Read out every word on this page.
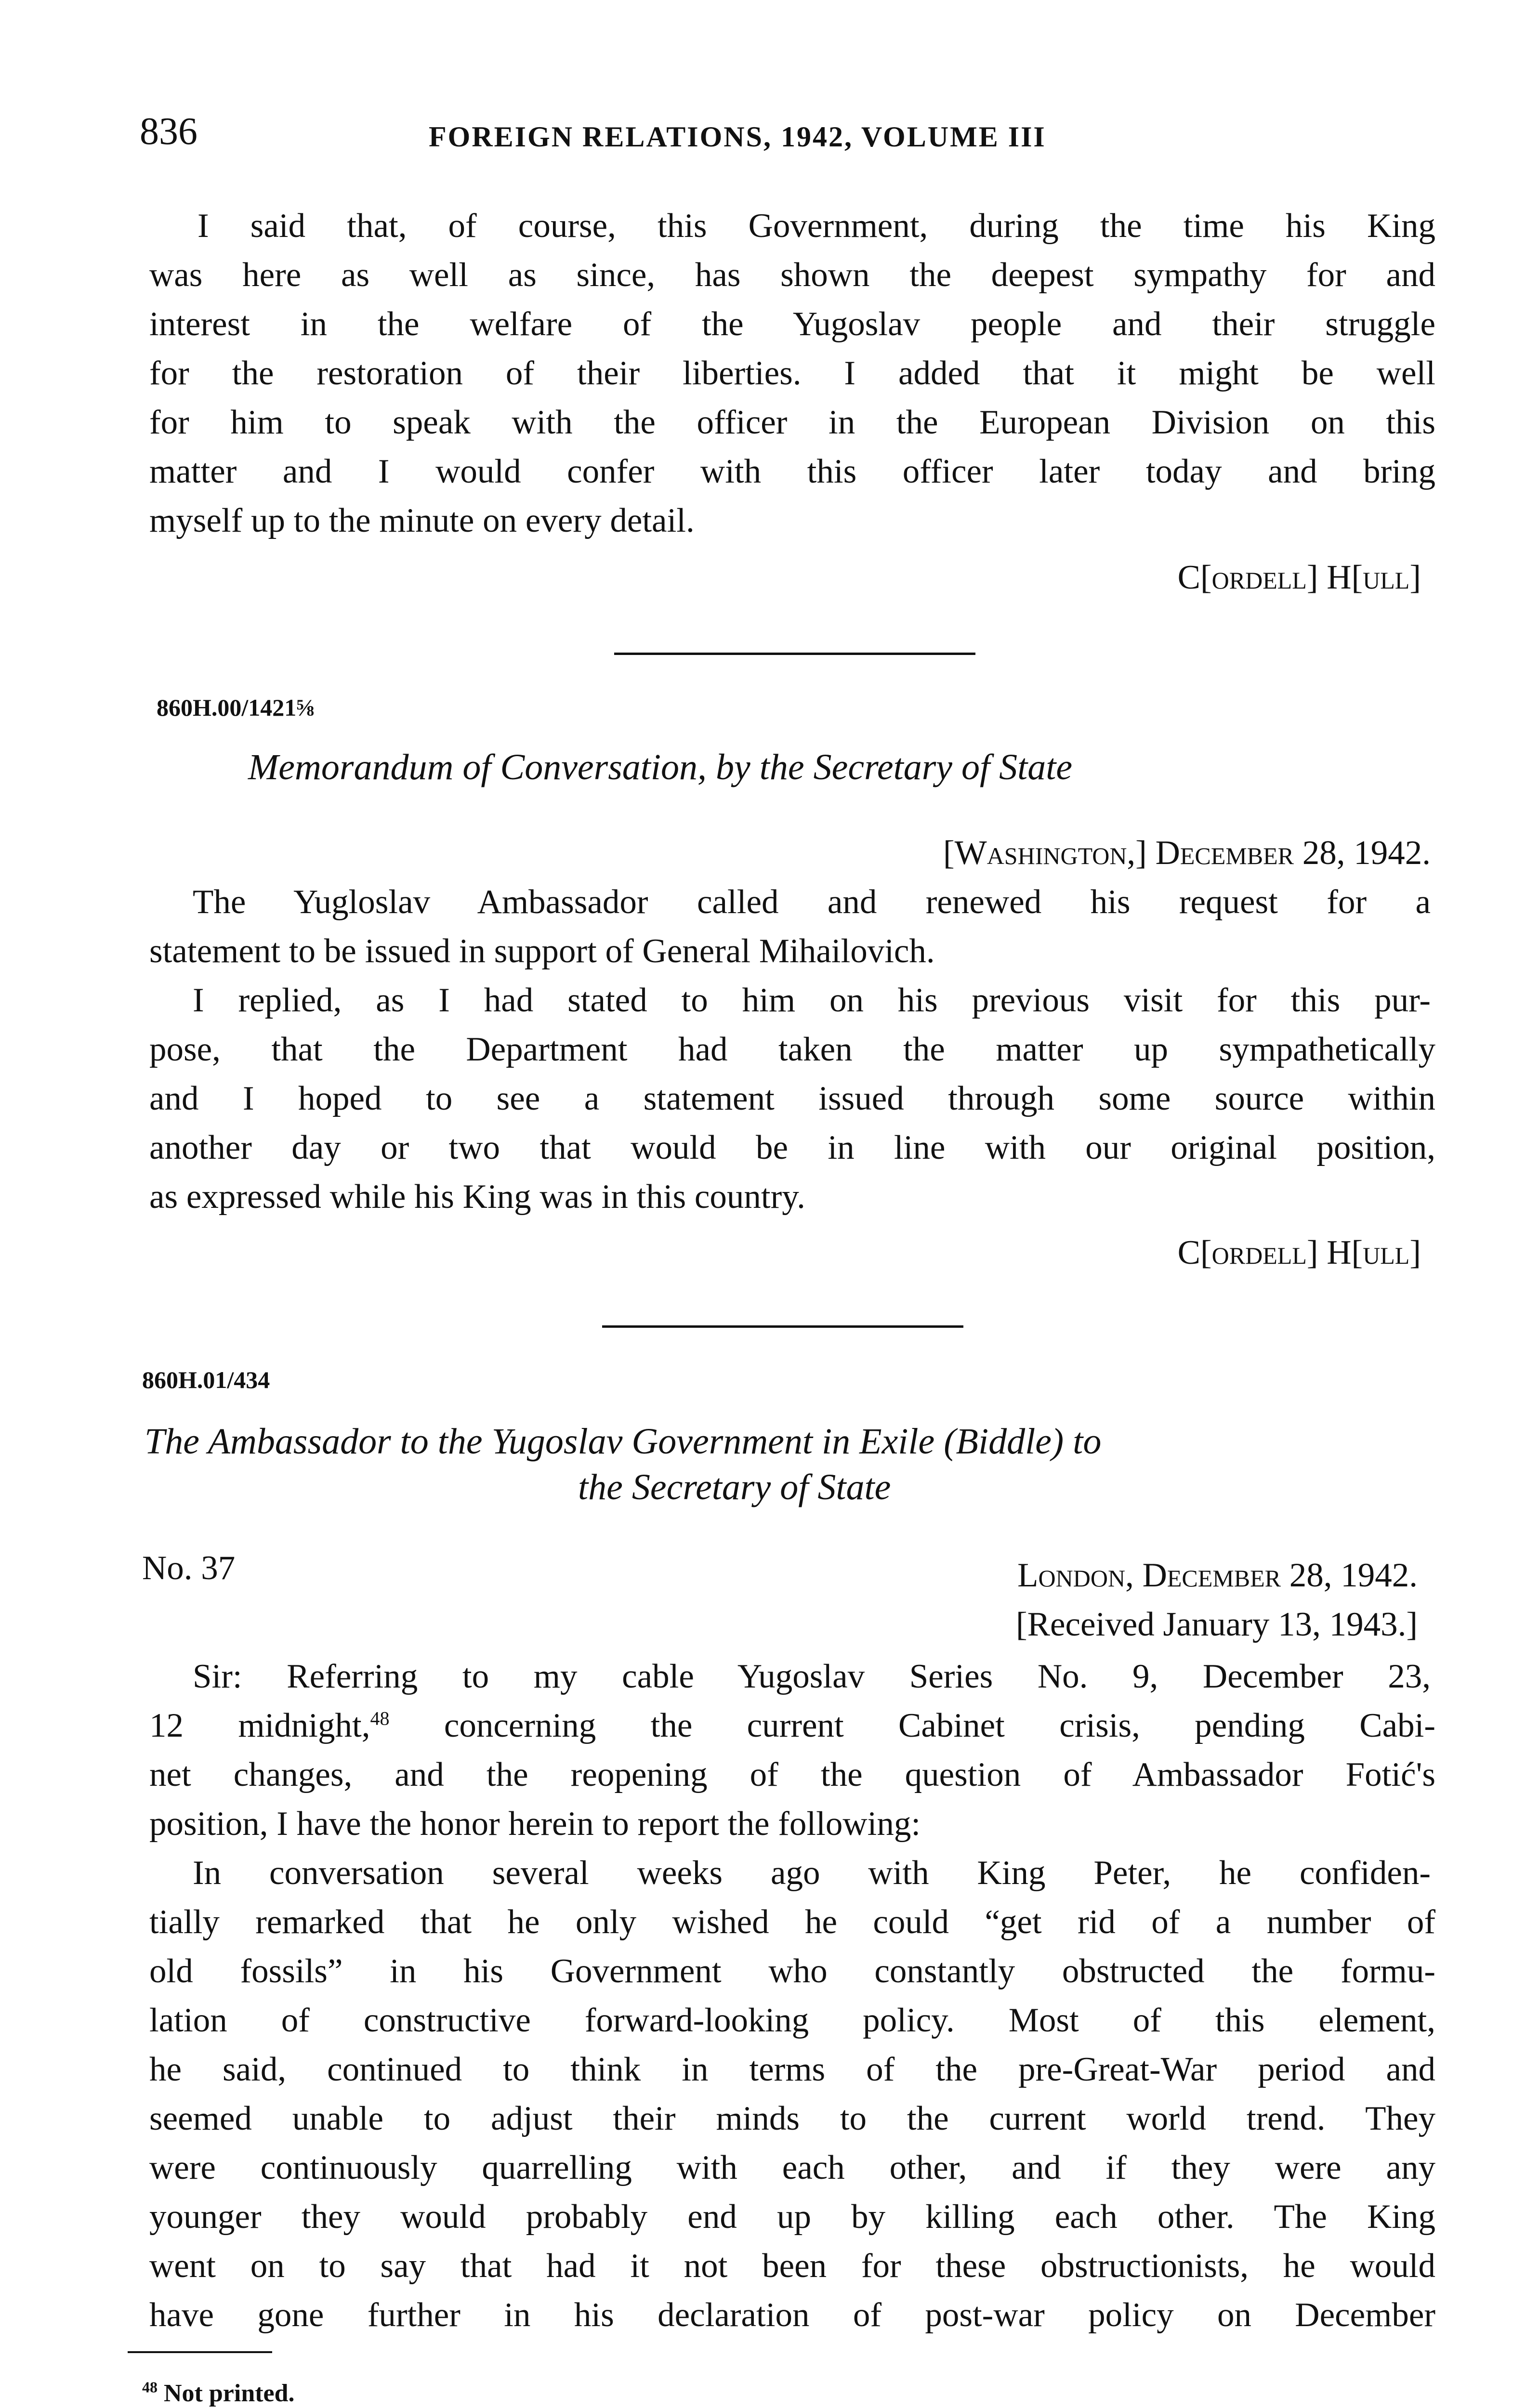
836	FOREIGN RELATIONS, 1942, VOLUME III
I said that, of course, this Government, during the time his King
was here as well as since, has shown the deepest sympathy for and
interest in the welfare of the Yugoslav people and their struggle
for the restoration of their liberties. I added that it might be well
for him to speak with the officer in the European Division on this
matter and I would confer with this officer later today and bring
myself up to the minute on every detail.
C[ordell] H[ull]
860H.00/1421⅝
Memorandum of Conversation, by the Secretary of State
[Washington,] December 28, 1942.
The Yugloslav Ambassador called and renewed his request for a
statement to be issued in support of General Mihailovich.
I replied, as I had stated to him on his previous visit for this pur-
pose, that the Department had taken the matter up sympathetically
and I hoped to see a statement issued through some source within
another day or two that would be in line with our original position,
as expressed while his King was in this country.
C[ordell] H[ull]
860H.01/434
The Ambassador to the Yugoslav Government in Exile (Biddle) to
the Secretary of State
No. 37	London, December 28, 1942.
[Received January 13, 1943.]
Sir: Referring to my cable Yugoslav Series No. 9, December 23,
12 midnight,$^{48}$ concerning the current Cabinet crisis, pending Cabi-
net changes, and the reopening of the question of Ambassador Fotić's
position, I have the honor herein to report the following:
In conversation several weeks ago with King Peter, he confiden-
tially remarked that he only wished he could “get rid of a number of
old fossils” in his Government who constantly obstructed the formu-
lation of constructive forward-looking policy. Most of this element,
he said, continued to think in terms of the pre-Great-War period and
seemed unable to adjust their minds to the current world trend. They
were continuously quarrelling with each other, and if they were any
younger they would probably end up by killing each other. The King
went on to say that had it not been for these obstructionists, he would
have gone further in his declaration of post-war policy on December
$^{48}$ Not printed.
